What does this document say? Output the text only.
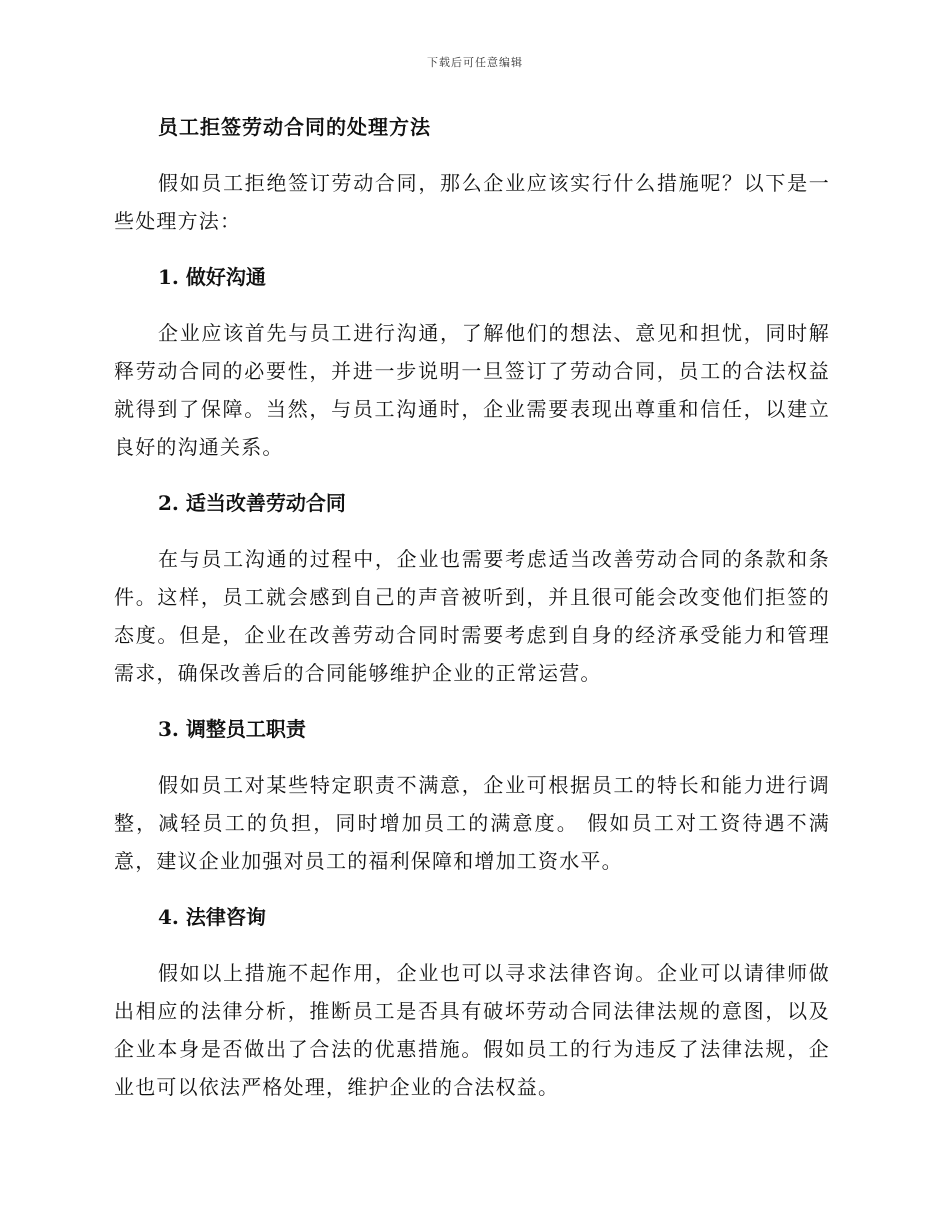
下载后可任意编辑
员工拒签劳动合同的处理方法

假如员工拒绝签订劳动合同，那么企业应该实行什么措施呢？以下是一些处理方法：

1. 做好沟通

企业应该首先与员工进行沟通，了解他们的想法、意见和担忧，同时解释劳动合同的必要性，并进一步说明一旦签订了劳动合同，员工的合法权益就得到了保障。当然，与员工沟通时，企业需要表现出尊重和信任，以建立良好的沟通关系。

2. 适当改善劳动合同

在与员工沟通的过程中，企业也需要考虑适当改善劳动合同的条款和条件。这样，员工就会感到自己的声音被听到，并且很可能会改变他们拒签的态度。但是，企业在改善劳动合同时需要考虑到自身的经济承受能力和管理需求，确保改善后的合同能够维护企业的正常运营。

3. 调整员工职责

假如员工对某些特定职责不满意，企业可根据员工的特长和能力进行调整，减轻员工的负担，同时增加员工的满意度。 假如员工对工资待遇不满意，建议企业加强对员工的福利保障和增加工资水平。

4. 法律咨询

假如以上措施不起作用，企业也可以寻求法律咨询。企业可以请律师做出相应的法律分析，推断员工是否具有破坏劳动合同法律法规的意图，以及企业本身是否做出了合法的优惠措施。假如员工的行为违反了法律法规，企业也可以依法严格处理，维护企业的合法权益。
